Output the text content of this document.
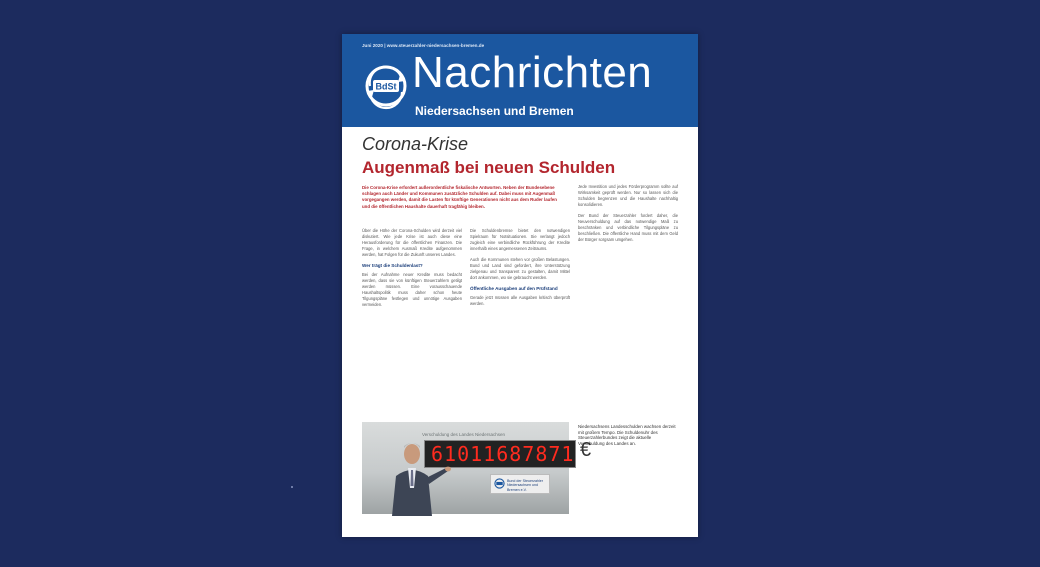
Juni 2020 | www.steuerzahler-niedersachsen-bremen.de
BdSt Nachrichten
Niedersachsen und Bremen
Corona-Krise
Augenmaß bei neuen Schulden
Die Corona-Krise erfordert außerordentliche fiskalische Antworten. Neben der Bundesebene schlagen auch Länder und Kommunen zusätzliche Schulden auf. Dabei muss mit Augenmaß vorgegangen werden, damit die Lasten für künftige Generationen nicht aus dem Ruder laufen und die öffentlichen Haushalte dauerhaft tragfähig bleiben.

Über die Höhe der Corona-Schulden wird derzeit viel diskutiert. Wie jede Krise ist auch diese eine Herausforderung für die öffentlichen Finanzen. Die Frage, in welchem Ausmaß Kredite aufgenommen werden, hat Folgen für die Zukunft unseres Landes.

Wer trägt die Schuldenlast?

Bei der Aufnahme neuer Kredite muss bedacht werden, dass sie von künftigen Steuerzahlern getilgt werden müssen. Eine vorausschauende Haushaltspolitik muss daher schon heute Tilgungspläne festlegen und unnötige Ausgaben vermeiden.

Die Schuldenbremse bietet den notwendigen Spielraum für Notsituationen. Sie verlangt jedoch zugleich eine verbindliche Rückführung der Kredite innerhalb eines angemessenen Zeitraums.

Auch die Kommunen stehen vor großen Belastungen. Bund und Land sind gefordert, ihre Unterstützung zielgenau und transparent zu gestalten, damit Mittel dort ankommen, wo sie gebraucht werden.

Öffentliche Ausgaben auf den Prüfstand

Gerade jetzt müssen alle Ausgaben kritisch überprüft werden.

Jede Investition und jedes Förderprogramm sollte auf Wirksamkeit geprüft werden. Nur so lassen sich die Schulden begrenzen und die Haushalte nachhaltig konsolidieren.

Der Bund der Steuerzahler fordert daher, die Neuverschuldung auf das notwendige Maß zu beschränken und verbindliche Tilgungspläne zu beschließen. Die öffentliche Hand muss mit dem Geld der Bürger sorgsam umgehen.

Verschuldung des Landes Niedersachsen
61011687871 €
Bund der Steuerzahler
Niedersachsen und Bremen e.V.
Niedersachsens Landesschulden wachsen derzeit mit großem Tempo. Die Schuldenuhr des Steuerzahlerbundes zeigt die aktuelle Verschuldung des Landes an.
